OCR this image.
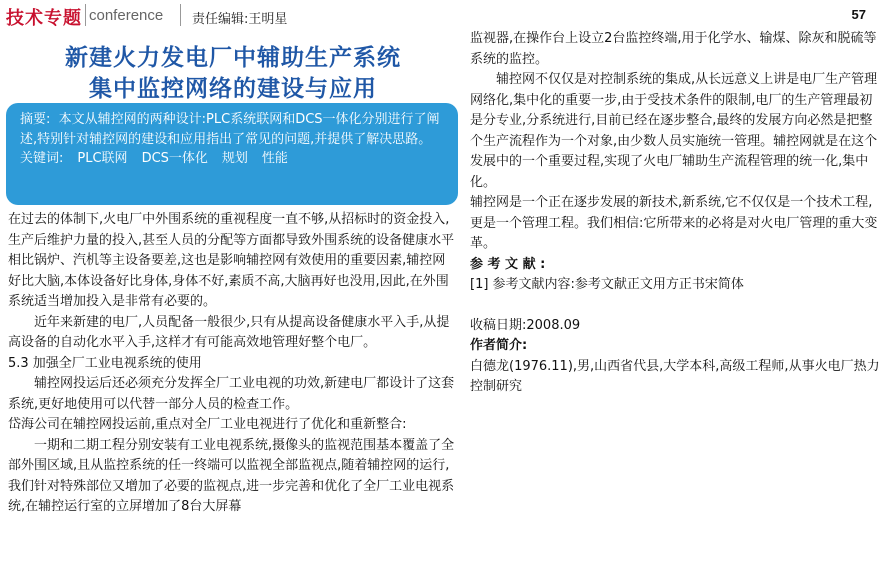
技术专题 conference 责任编辑:王明星	57
新建火力发电厂中辅助生产系统
集中监控网络的建设与应用

摘要: 本文从辅控网的两种设计:PLC系统联网和DCS一体化分别进行了阐述,特别针对辅控网的建设和应用指出了常见的问题,并提供了解决思路。

关键词: PLC联网 DCS一体化 规划 性能

在过去的体制下,火电厂中外围系统的重视程度一直不够,从招标时的资金投入,生产后维护力量的投入,甚至人员的分配等方面都导致外围系统的设备健康水平相比锅炉、汽机等主设备要差,这也是影响辅控网有效使用的重要因素,辅控网好比大脑,本体设备好比身体,身体不好,素质不高,大脑再好也没用,因此,在外围系统适当增加投入是非常有必要的。

近年来新建的电厂,人员配备一般很少,只有从提高设备健康水平入手,从提高设备的自动化水平入手,这样才有可能高效地管理好整个电厂。

5.3 加强全厂工业电视系统的使用

辅控网投运后还必须充分发挥全厂工业电视的功效,新建电厂都设计了这套系统,更好地使用可以代替一部分人员的检查工作。

岱海公司在辅控网投运前,重点对全厂工业电视进行了优化和重新整合:

一期和二期工程分别安装有工业电视系统,摄像头的监视范围基本覆盖了全部外围区域,且从监控系统的任一终端可以监视全部监视点,随着辅控网的运行,我们针对特殊部位又增加了必要的监视点,进一步完善和优化了全厂工业电视系统,在辅控运行室的立屏增加了8台大屏幕

监视器,在操作台上设立2台监控终端,用于化学水、输煤、除灰和脱硫等系统的监控。

辅控网不仅仅是对控制系统的集成,从长远意义上讲是电厂生产管理网络化,集中化的重要一步,由于受技术条件的限制,电厂的生产管理最初是分专业,分系统进行,目前已经在逐步整合,最终的发展方向必然是把整个生产流程作为一个对象,由少数人员实施统一管理。辅控网就是在这个发展中的一个重要过程,实现了火电厂辅助生产流程管理的统一化,集中化。

辅控网是一个正在逐步发展的新技术,新系统,它不仅仅是一个技术工程,更是一个管理工程。我们相信:它所带来的必将是对火电厂管理的重大变革。

参 考 文 献 :

[1] 参考文献内容:参考文献正文用方正书宋简体

收稿日期:2008.09

作者简介:

白德龙(1976.11),男,山西省代县,大学本科,高级工程师,从事火电厂热力控制研究
